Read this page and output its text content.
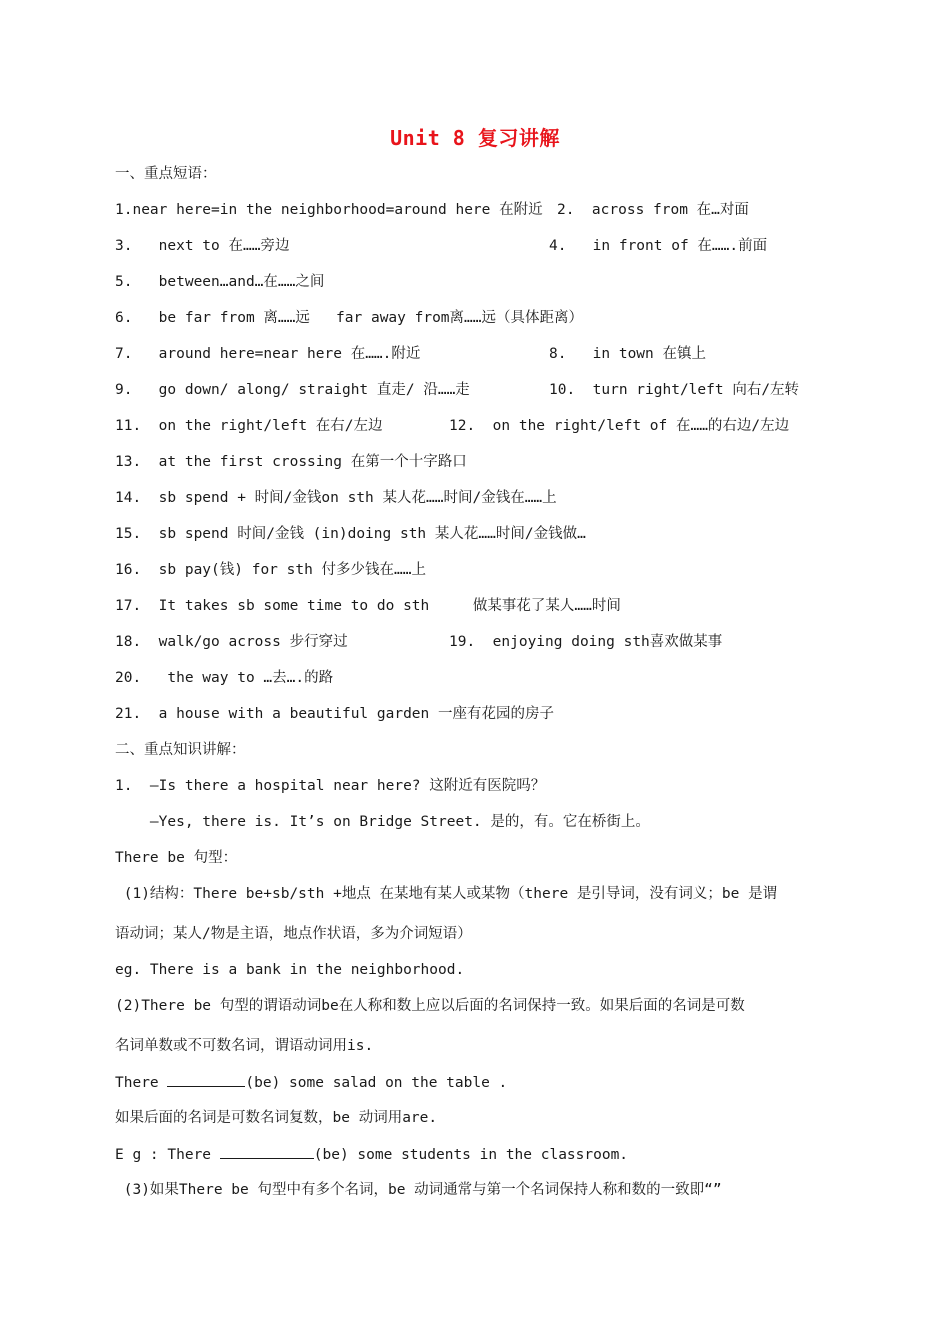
Unit 8 复习讲解
一、重点短语：
1.near here=in the neighborhood=around here 在附近 2.  across from 在…对面
3.   next to 在……旁边	4.   in front of 在…….前面
5.   between…and…在……之间
6.   be far from 离……远   far away from离……远（具体距离）
7.   around here=near here 在…….附近	8.   in town 在镇上
9.   go down/ along/ straight 直走/ 沿……走	10.  turn right/left 向右/左转
11.  on the right/left 在右/左边	12.  on the right/left of 在……的右边/左边
13.  at the first crossing 在第一个十字路口
14.  sb spend + 时间/金钱on sth 某人花……时间/金钱在……上
15.  sb spend 时间/金钱 (in)doing sth 某人花……时间/金钱做…
16.  sb pay(钱) for sth 付多少钱在……上
17.  It takes sb some time to do sth     做某事花了某人……时间
18.  walk/go across 步行穿过	19.  enjoying doing sth喜欢做某事
20.   the way to …去….的路
21.  a house with a beautiful garden 一座有花园的房子
二、重点知识讲解：
1.  —Is there a hospital near here? 这附近有医院吗？
—Yes, there is. It’s on Bridge Street. 是的，有。它在桥街上。
There be 句型：
(1)结构：There be+sb/sth +地点 在某地有某人或某物（there 是引导词，没有词义；be 是谓
语动词；某人/物是主语，地点作状语，多为介词短语）
eg. There is a bank in the neighborhood.
(2)There be 句型的谓语动词be在人称和数上应以后面的名词保持一致。如果后面的名词是可数
名词单数或不可数名词，谓语动词用is.
There	(be) some salad on the table .
如果后面的名词是可数名词复数，be 动词用are.
E g : There	(be) some students in the classroom.
(3)如果There be 句型中有多个名词，be 动词通常与第一个名词保持人称和数的一致即“”
